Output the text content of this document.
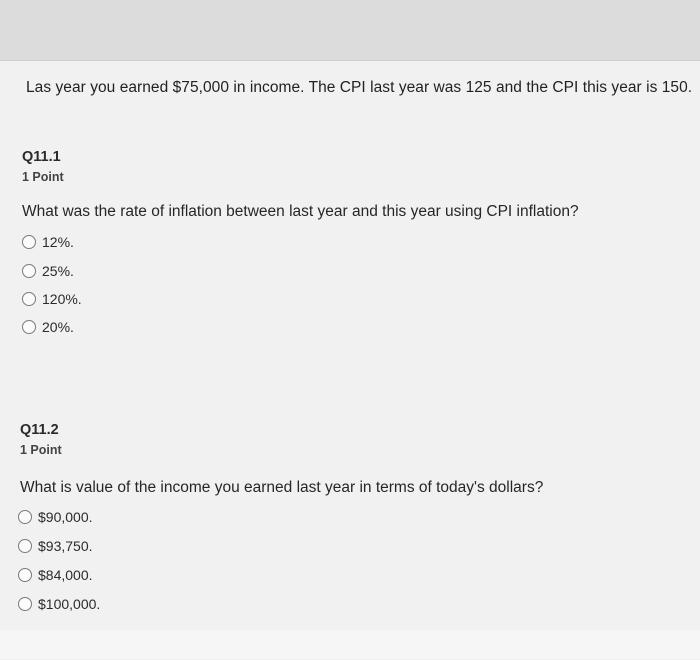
Las year you earned $75,000 in income. The CPI last year was 125 and the CPI this year is 150.
Q11.1
1 Point
What was the rate of inflation between last year and this year using CPI inflation?
12%.
25%.
120%.
20%.
Q11.2
1 Point
What is value of the income you earned last year in terms of today's dollars?
$90,000.
$93,750.
$84,000.
$100,000.
